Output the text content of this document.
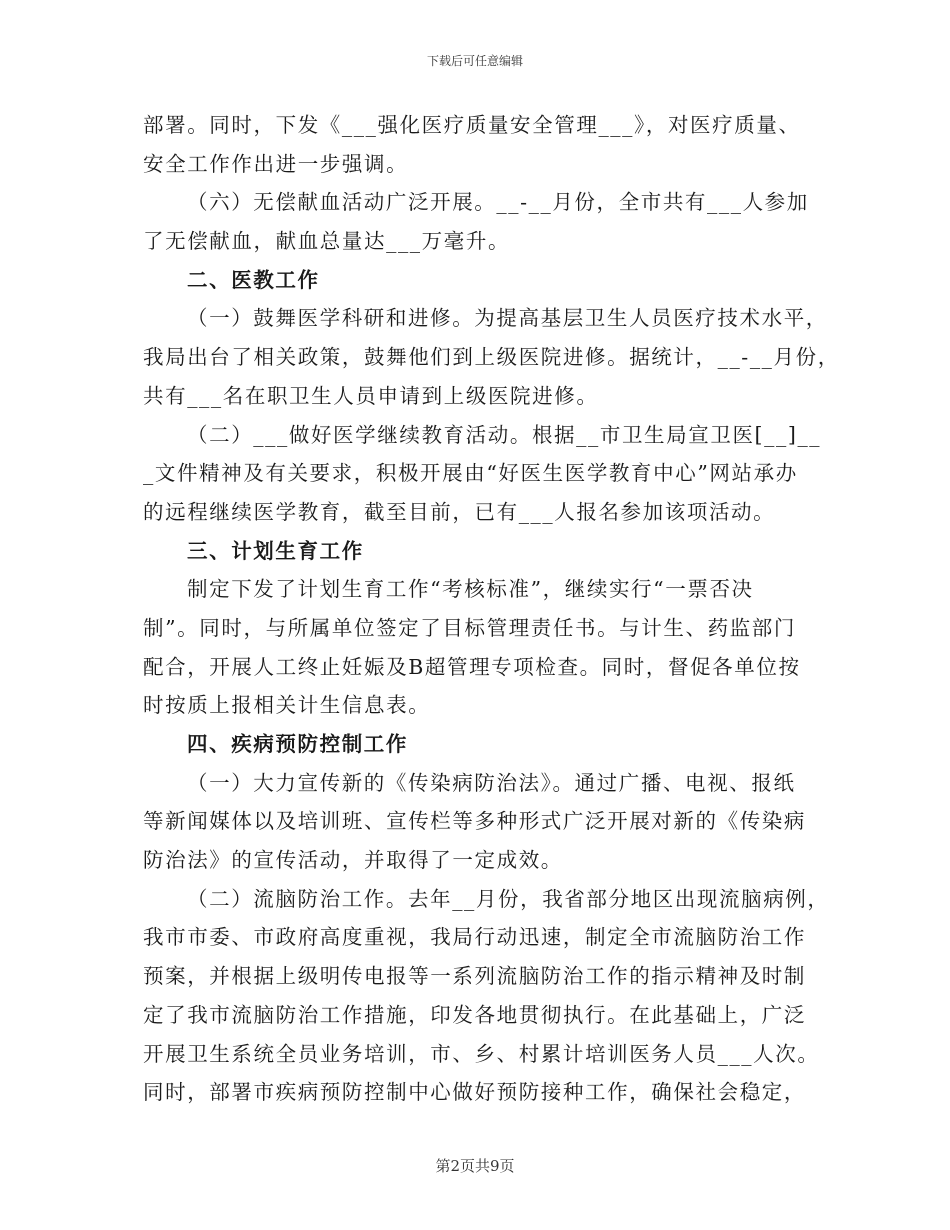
下载后可任意编辑
部署。同时，下发《___强化医疗质量安全管理___》，对医疗质量、
安全工作作出进一步强调。
（六）无偿献血活动广泛开展。__-__月份，全市共有___人参加
了无偿献血，献血总量达___万毫升。
二、医教工作
（一）鼓舞医学科研和进修。为提高基层卫生人员医疗技术水平，
我局出台了相关政策，鼓舞他们到上级医院进修。据统计，__-__月份，
共有___名在职卫生人员申请到上级医院进修。
（二）___做好医学继续教育活动。根据__市卫生局宣卫医[__]__
_文件精神及有关要求，积极开展由“好医生医学教育中心”网站承办
的远程继续医学教育，截至目前，已有___人报名参加该项活动。
三、计划生育工作
制定下发了计划生育工作“考核标准”，继续实行“一票否决
制”。同时，与所属单位签定了目标管理责任书。与计生、药监部门
配合，开展人工终止妊娠及B超管理专项检查。同时，督促各单位按
时按质上报相关计生信息表。
四、疾病预防控制工作
（一）大力宣传新的《传染病防治法》。通过广播、电视、报纸
等新闻媒体以及培训班、宣传栏等多种形式广泛开展对新的《传染病
防治法》的宣传活动，并取得了一定成效。
（二）流脑防治工作。去年__月份，我省部分地区出现流脑病例，
我市市委、市政府高度重视，我局行动迅速，制定全市流脑防治工作
预案，并根据上级明传电报等一系列流脑防治工作的指示精神及时制
定了我市流脑防治工作措施，印发各地贯彻执行。在此基础上，广泛
开展卫生系统全员业务培训，市、乡、村累计培训医务人员___人次。
同时，部署市疾病预防控制中心做好预防接种工作，确保社会稳定，
第2页共9页
